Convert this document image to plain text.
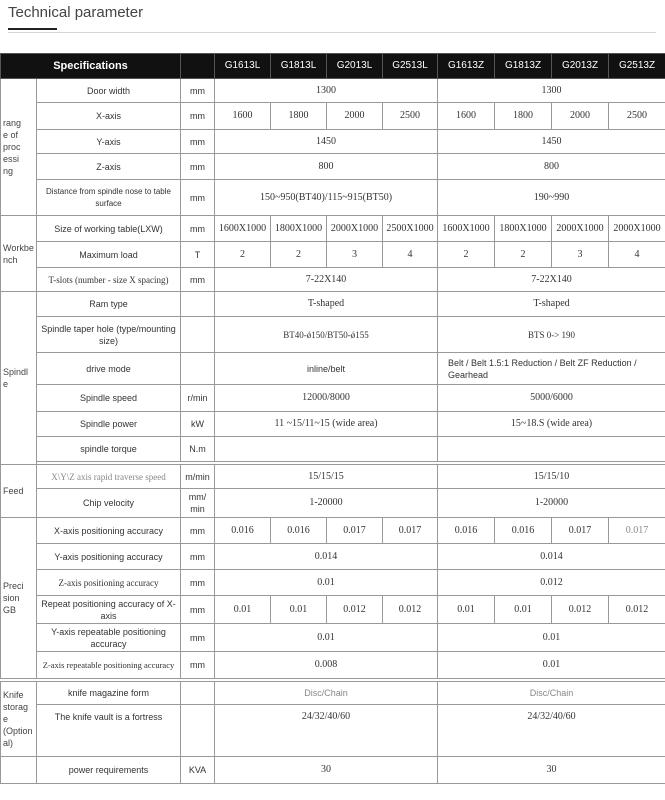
Technical parameter
Specifications			G1613L	G1813L	G2013L	G2513L	G1613Z	G1813Z	G2013Z	G2513Z
rang
e of
proc
essi
ng	Door width	mm	1300				1300			
	X-axis	mm	1600	1800	2000	2500	1600	1800	2000	2500
	Y-axis	mm	1450				1450			
	Z-axis	mm	800				800			
	Distance from spindle nose to table surface	mm	150~950(BT40)/115~915(BT50)				190~990			
Workbe
nch	Size of working table(LXW)	mm	1600X1000	1800X1000	2000X1000	2500X1000	1600X1000	1800X1000	2000X1000	2000X1000
	Maximum load	T	2	2	3	4	2	2	3	4
	T-slots (number - size X spacing)	mm	7-22X140				7-22X140			
Spindl
e	Ram type		T-shaped				T-shaped			
	Spindle taper hole (type/mounting size)		BT40-ǿ150/BT50-ǿ155				BTS 0-> 190			
	drive mode		inline/belt				Belt / Belt 1.5:1 Reduction / Belt ZF Reduction / Gearhead			
	Spindle speed	r/min	12000/8000				5000/6000			
	Spindle power	kW	11 ~15/11~15 (wide area)				15~18.S (wide area)			
	spindle torque	N.m								

Feed	X\Y\Z axis rapid traverse speed	m/min	15/15/15				15/15/10			
	Chip velocity	mm/
min	1-20000				1-20000			
Preci
sion
GB	X-axis positioning accuracy	mm	0.016	0.016	0.017	0.017	0.016	0.016	0.017	0.017
	Y-axis positioning accuracy	mm	0.014				0.014			
	Z-axis positioning accuracy	mm	0.01				0.012			
	Repeat positioning accuracy of X-axis	mm	0.01	0.01	0.012	0.012	0.01	0.01	0.012	0.012
	Y-axis repeatable positioning accuracy	mm	0.01				0.01			
	Z-axis repeatable positioning accuracy	mm	0.008				0.01			

Knife
storag
e
(Option
al)	knife magazine form		Disc/Chain				Disc/Chain			
	The knife vault is a fortress		24/32/40/60				24/32/40/60			
	power requirements	KVA	30				30			
